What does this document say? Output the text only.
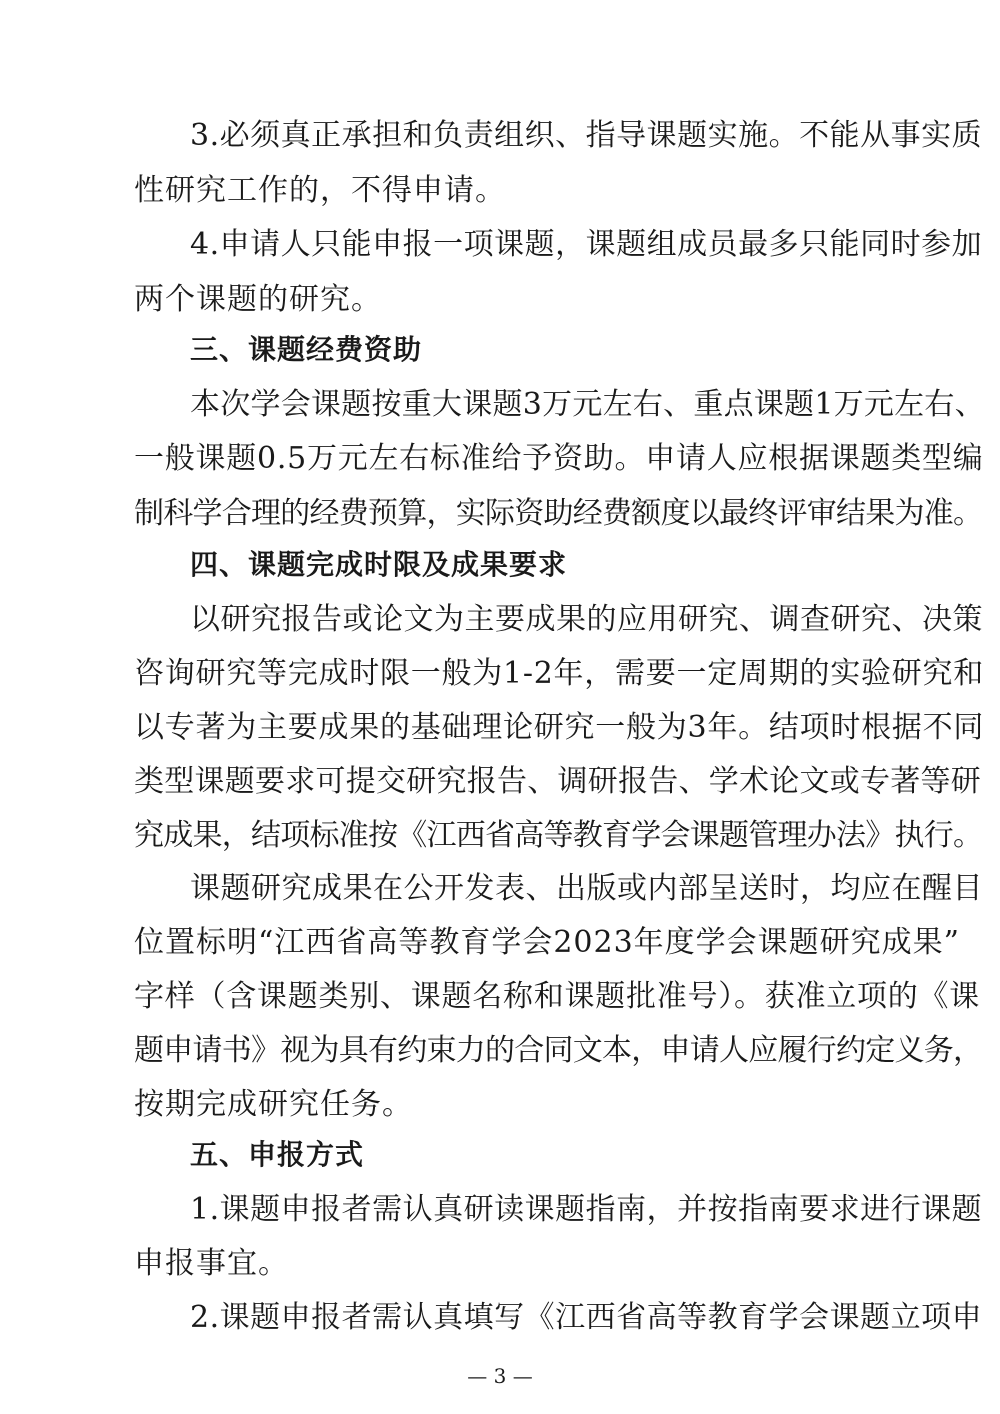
3.必须真正承担和负责组织、指导课题实施。不能从事实质
性研究工作的，不得申请。
4.申请人只能申报一项课题，课题组成员最多只能同时参加
两个课题的研究。
三、课题经费资助
本次学会课题按重大课题3万元左右、重点课题1万元左右、
一般课题0.5万元左右标准给予资助。申请人应根据课题类型编
制科学合理的经费预算，实际资助经费额度以最终评审结果为准。
四、课题完成时限及成果要求
以研究报告或论文为主要成果的应用研究、调查研究、决策
咨询研究等完成时限一般为1-2年，需要一定周期的实验研究和
以专著为主要成果的基础理论研究一般为3年。结项时根据不同
类型课题要求可提交研究报告、调研报告、学术论文或专著等研
究成果，结项标准按《江西省高等教育学会课题管理办法》执行。
课题研究成果在公开发表、出版或内部呈送时，均应在醒目
位置标明“江西省高等教育学会2023年度学会课题研究成果”
字样（含课题类别、课题名称和课题批准号）。获准立项的《课
题申请书》视为具有约束力的合同文本，申请人应履行约定义务，
按期完成研究任务。
五、申报方式
1.课题申报者需认真研读课题指南，并按指南要求进行课题
申报事宜。
2.课题申报者需认真填写《江西省高等教育学会课题立项申
— 3 —
